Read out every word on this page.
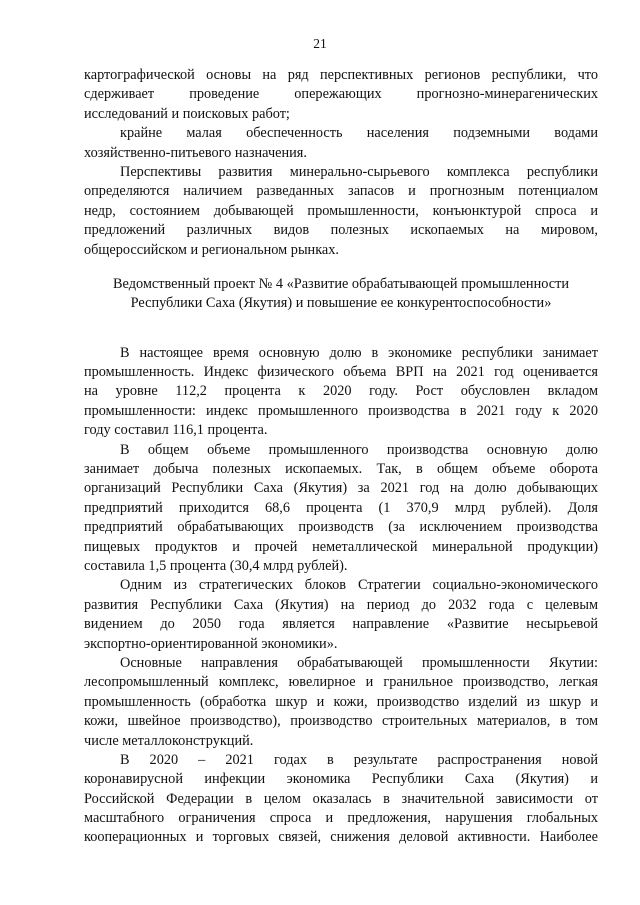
21
картографической основы на ряд перспективных регионов республики, что
сдерживает проведение опережающих прогнозно-минерагенических
исследований и поисковых работ;
крайне малая обеспеченность населения подземными водами
хозяйственно-питьевого назначения.
Перспективы развития минерально-сырьевого комплекса республики
определяются наличием разведанных запасов и прогнозным потенциалом
недр, состоянием добывающей промышленности, конъюнктурой спроса и
предложений различных видов полезных ископаемых на мировом,
общероссийском и региональном рынках.
Ведомственный проект № 4 «Развитие обрабатывающей промышленности
Республики Саха (Якутия) и повышение ее конкурентоспособности»
В настоящее время основную долю в экономике республики занимает
промышленность. Индекс физического объема ВРП на 2021 год оценивается
на уровне 112,2 процента к 2020 году. Рост обусловлен вкладом
промышленности: индекс промышленного производства в 2021 году к 2020
году составил 116,1 процента.
В общем объеме промышленного производства основную долю
занимает добыча полезных ископаемых. Так, в общем объеме оборота
организаций Республики Саха (Якутия) за 2021 год на долю добывающих
предприятий приходится 68,6 процента (1 370,9 млрд рублей). Доля
предприятий обрабатывающих производств (за исключением производства
пищевых продуктов и прочей неметаллической минеральной продукции)
составила 1,5 процента (30,4 млрд рублей).
Одним из стратегических блоков Стратегии социально-экономического
развития Республики Саха (Якутия) на период до 2032 года с целевым
видением до 2050 года является направление «Развитие несырьевой
экспортно-ориентированной экономики».
Основные направления обрабатывающей промышленности Якутии:
лесопромышленный комплекс, ювелирное и гранильное производство, легкая
промышленность (обработка шкур и кожи, производство изделий из шкур и
кожи, швейное производство), производство строительных материалов, в том
числе металлоконструкций.
В 2020 – 2021 годах в результате распространения новой
коронавирусной инфекции экономика Республики Саха (Якутия) и
Российской Федерации в целом оказалась в значительной зависимости от
масштабного ограничения спроса и предложения, нарушения глобальных
кооперационных и торговых связей, снижения деловой активности. Наиболее
